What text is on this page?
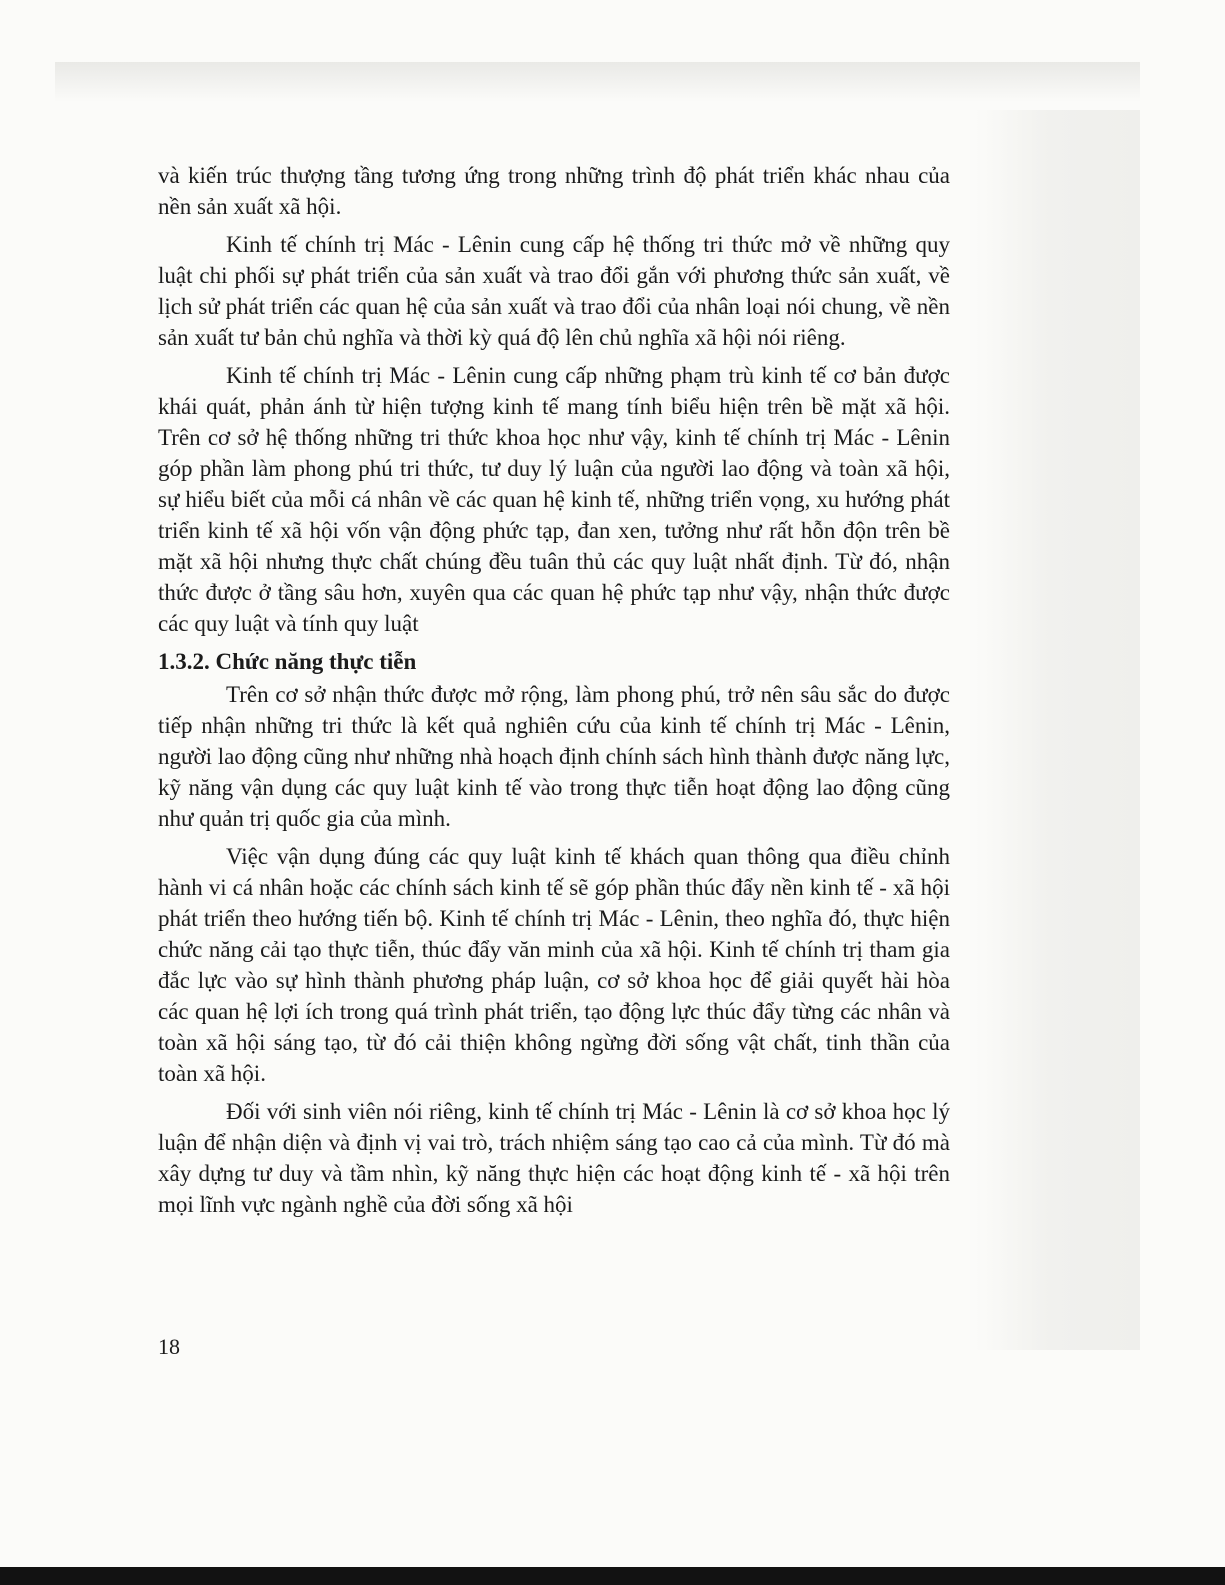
và kiến trúc thượng tầng tương ứng trong những trình độ phát triển khác nhau của nền sản xuất xã hội.

Kinh tế chính trị Mác - Lênin cung cấp hệ thống tri thức mở về những quy luật chi phối sự phát triển của sản xuất và trao đổi gắn với phương thức sản xuất, về lịch sử phát triển các quan hệ của sản xuất và trao đổi của nhân loại nói chung, về nền sản xuất tư bản chủ nghĩa và thời kỳ quá độ lên chủ nghĩa xã hội nói riêng.

Kinh tế chính trị Mác - Lênin cung cấp những phạm trù kinh tế cơ bản được khái quát, phản ánh từ hiện tượng kinh tế mang tính biểu hiện trên bề mặt xã hội. Trên cơ sở hệ thống những tri thức khoa học như vậy, kinh tế chính trị Mác - Lênin góp phần làm phong phú tri thức, tư duy lý luận của người lao động và toàn xã hội, sự hiểu biết của mỗi cá nhân về các quan hệ kinh tế, những triển vọng, xu hướng phát triển kinh tế xã hội vốn vận động phức tạp, đan xen, tưởng như rất hỗn độn trên bề mặt xã hội nhưng thực chất chúng đều tuân thủ các quy luật nhất định. Từ đó, nhận thức được ở tầng sâu hơn, xuyên qua các quan hệ phức tạp như vậy, nhận thức được các quy luật và tính quy luật

1.3.2. Chức năng thực tiễn

Trên cơ sở nhận thức được mở rộng, làm phong phú, trở nên sâu sắc do được tiếp nhận những tri thức là kết quả nghiên cứu của kinh tế chính trị Mác - Lênin, người lao động cũng như những nhà hoạch định chính sách hình thành được năng lực, kỹ năng vận dụng các quy luật kinh tế vào trong thực tiễn hoạt động lao động cũng như quản trị quốc gia của mình.

Việc vận dụng đúng các quy luật kinh tế khách quan thông qua điều chỉnh hành vi cá nhân hoặc các chính sách kinh tế sẽ góp phần thúc đẩy nền kinh tế - xã hội phát triển theo hướng tiến bộ. Kinh tế chính trị Mác - Lênin, theo nghĩa đó, thực hiện chức năng cải tạo thực tiễn, thúc đẩy văn minh của xã hội. Kinh tế chính trị tham gia đắc lực vào sự hình thành phương pháp luận, cơ sở khoa học để giải quyết hài hòa các quan hệ lợi ích trong quá trình phát triển, tạo động lực thúc đẩy từng các nhân và toàn xã hội sáng tạo, từ đó cải thiện không ngừng đời sống vật chất, tinh thần của toàn xã hội.

Đối với sinh viên nói riêng, kinh tế chính trị Mác - Lênin là cơ sở khoa học lý luận để nhận diện và định vị vai trò, trách nhiệm sáng tạo cao cả của mình. Từ đó mà xây dựng tư duy và tầm nhìn, kỹ năng thực hiện các hoạt động kinh tế - xã hội trên mọi lĩnh vực ngành nghề của đời sống xã hội

18
